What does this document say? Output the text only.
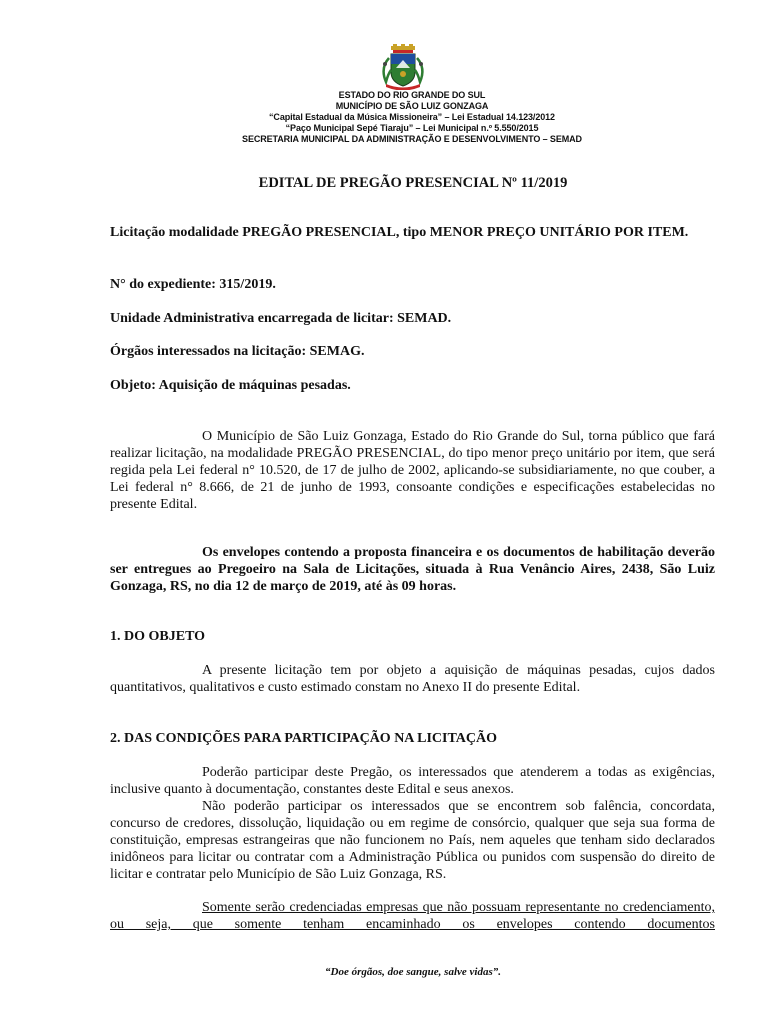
ESTADO DO RIO GRANDE DO SUL
MUNICÍPIO DE SÃO LUIZ GONZAGA
“Capital Estadual da Música Missioneira” – Lei Estadual 14.123/2012
“Paço Municipal Sepé Tiaraju” – Lei Municipal n.º 5.550/2015
SECRETARIA MUNICIPAL DA ADMINISTRAÇÃO E DESENVOLVIMENTO – SEMAD
EDITAL DE PREGÃO PRESENCIAL Nº 11/2019
Licitação modalidade PREGÃO PRESENCIAL, tipo MENOR PREÇO UNITÁRIO POR ITEM.
N° do expediente: 315/2019.
Unidade Administrativa encarregada de licitar: SEMAD.
Órgãos interessados na licitação: SEMAG.
Objeto: Aquisição de máquinas pesadas.
O Município de São Luiz Gonzaga, Estado do Rio Grande do Sul, torna público que fará realizar licitação, na modalidade PREGÃO PRESENCIAL, do tipo menor preço unitário por item, que será regida pela Lei federal n° 10.520, de 17 de julho de 2002, aplicando-se subsidiariamente, no que couber, a Lei federal n° 8.666, de 21 de junho de 1993, consoante condições e especificações estabelecidas no presente Edital.
Os envelopes contendo a proposta financeira e os documentos de habilitação deverão ser entregues ao Pregoeiro na Sala de Licitações, situada à Rua Venâncio Aires, 2438, São Luiz Gonzaga, RS, no dia 12 de março de 2019, até às 09 horas.
1. DO OBJETO
A presente licitação tem por objeto a aquisição de máquinas pesadas, cujos dados quantitativos, qualitativos e custo estimado constam no Anexo II do presente Edital.
2. DAS CONDIÇÕES PARA PARTICIPAÇÃO NA LICITAÇÃO
Poderão participar deste Pregão, os interessados que atenderem a todas as exigências, inclusive quanto à documentação, constantes deste Edital e seus anexos.
Não poderão participar os interessados que se encontrem sob falência, concordata, concurso de credores, dissolução, liquidação ou em regime de consórcio, qualquer que seja sua forma de constituição, empresas estrangeiras que não funcionem no País, nem aqueles que tenham sido declarados inidôneos para licitar ou contratar com a Administração Pública ou punidos com suspensão do direito de licitar e contratar pelo Município de São Luiz Gonzaga, RS.
Somente serão credenciadas empresas que não possuam representante no credenciamento, ou seja, que somente tenham encaminhado os envelopes contendo documentos
“Doe órgãos, doe sangue, salve vidas”.
